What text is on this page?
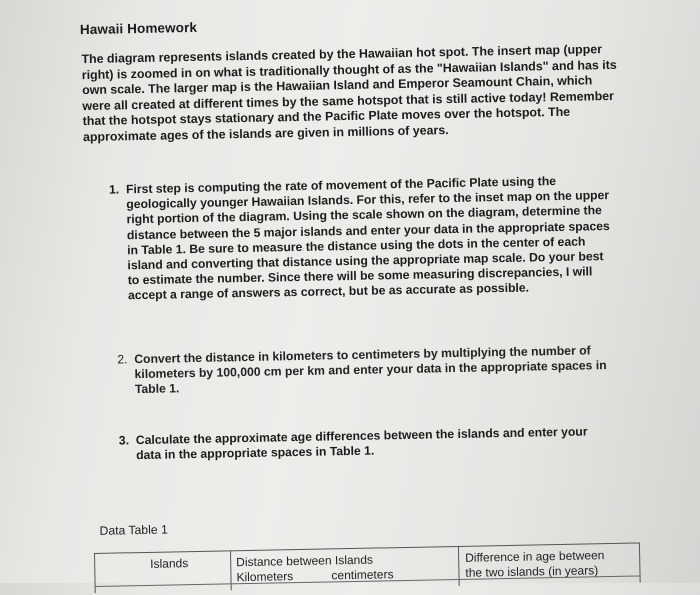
Hawaii Homework

The diagram represents islands created by the Hawaiian hot spot. The insert map (upper right) is zoomed in on what is traditionally thought of as the "Hawaiian Islands" and has its own scale. The larger map is the Hawaiian Island and Emperor Seamount Chain, which were all created at different times by the same hotspot that is still active today! Remember that the hotspot stays stationary and the Pacific Plate moves over the hotspot. The approximate ages of the islands are given in millions of years.

1. First step is computing the rate of movement of the Pacific Plate using the geologically younger Hawaiian Islands. For this, refer to the inset map on the upper right portion of the diagram. Using the scale shown on the diagram, determine the distance between the 5 major islands and enter your data in the appropriate spaces in Table 1. Be sure to measure the distance using the dots in the center of each island and converting that distance using the appropriate map scale. Do your best to estimate the number. Since there will be some measuring discrepancies, I will accept a range of answers as correct, but be as accurate as possible.
2. Convert the distance in kilometers to centimeters by multiplying the number of kilometers by 100,000 cm per km and enter your data in the appropriate spaces in Table 1.
3. Calculate the approximate age differences between the islands and enter your data in the appropriate spaces in Table 1.
Data Table 1
Islands	Distance between Islands
Kilometers	centimeters
Difference in age between
the two islands (in years)
